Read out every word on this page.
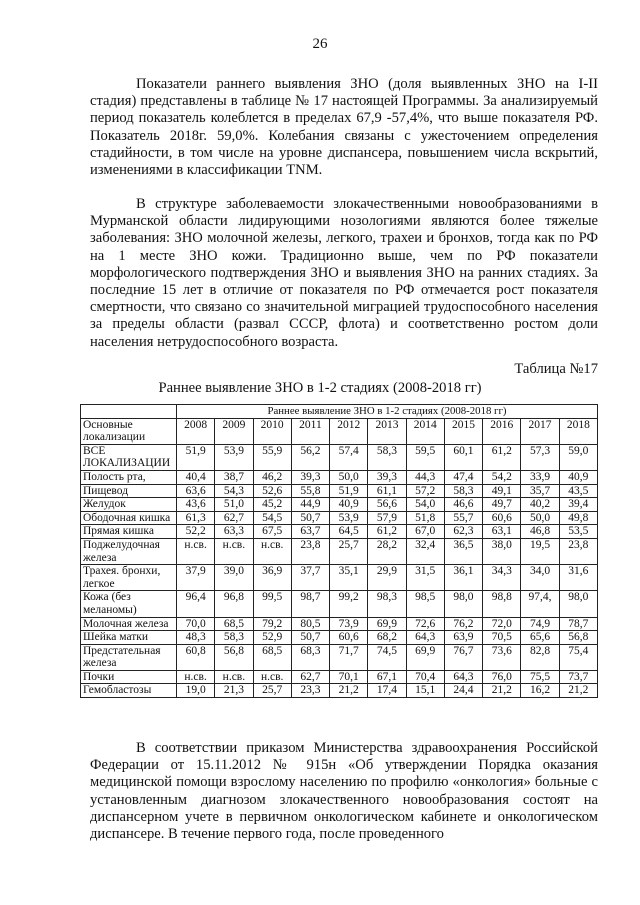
26

Показатели раннего выявления ЗНО (доля выявленных ЗНО на I-II стадия) представлены в таблице № 17 настоящей Программы. За анализируемый период показатель колеблется в пределах 67,9 -57,4%, что выше показателя РФ. Показатель 2018г. 59,0%. Колебания связаны с ужесточением определения стадийности, в том числе на уровне диспансера, повышением числа вскрытий, изменениями в классификации TNM.

В структуре заболеваемости злокачественными новообразованиями в Мурманской области лидирующими нозологиями являются более тяжелые заболевания: ЗНО молочной железы, легкого, трахеи и бронхов, тогда как по РФ на 1 месте ЗНО кожи. Традиционно выше, чем по РФ показатели морфологического подтверждения ЗНО и выявления ЗНО на ранних стадиях. За последние 15 лет в отличие от показателя по РФ отмечается рост показателя смертности, что связано со значительной миграцией трудоспособного населения за пределы области (развал СССР, флота) и соответственно ростом доли населения нетрудоспособного возраста.

Таблица №17
Раннее выявление ЗНО в 1-2 стадиях (2008-2018 гг)
	Раннее выявление ЗНО в 1-2 стадиях (2008-2018 гг)										
Основные локализации	2008	2009	2010	2011	2012	2013	2014	2015	2016	2017	2018
ВСЕ ЛОКАЛИЗАЦИИ	51,9	53,9	55,9	56,2	57,4	58,3	59,5	60,1	61,2	57,3	59,0
Полость рта,	40,4	38,7	46,2	39,3	50,0	39,3	44,3	47,4	54,2	33,9	40,9
Пищевод	63,6	54,3	52,6	55,8	51,9	61,1	57,2	58,3	49,1	35,7	43,5
Желудок	43,6	51,0	45,2	44,9	40,9	56,6	54,0	46,6	49,7	40,2	39,4
Ободочная кишка	61,3	62,7	54,5	50,7	53,9	57,9	51,8	55,7	60,6	50,0	49,8
Прямая кишка	52,2	63,3	67,5	63,7	64,5	61,2	67,0	62,3	63,1	46,8	53,5
Поджелудочная железа	н.св.	н.св.	н.св.	23,8	25,7	28,2	32,4	36,5	38,0	19,5	23,8
Трахея. бронхи, легкое	37,9	39,0	36,9	37,7	35,1	29,9	31,5	36,1	34,3	34,0	31,6
Кожа (без меланомы)	96,4	96,8	99,5	98,7	99,2	98,3	98,5	98,0	98,8	97,4,	98,0
Молочная железа	70,0	68,5	79,2	80,5	73,9	69,9	72,6	76,2	72,0	74,9	78,7
Шейка матки	48,3	58,3	52,9	50,7	60,6	68,2	64,3	63,9	70,5	65,6	56,8
Предстательная железа	60,8	56,8	68,5	68,3	71,7	74,5	69,9	76,7	73,6	82,8	75,4
Почки	н.св.	н.св.	н.св.	62,7	70,1	67,1	70,4	64,3	76,0	75,5	73,7
Гемобластозы	19,0	21,3	25,7	23,3	21,2	17,4	15,1	24,4	21,2	16,2	21,2

В соответствии приказом Министерства здравоохранения Российской Федерации от 15.11.2012 № 915н «Об утверждении Порядка оказания медицинской помощи взрослому населению по профилю «онкология» больные с установленным диагнозом злокачественного новообразования состоят на диспансерном учете в первичном онкологическом кабинете и онкологическом диспансере. В течение первого года, после проведенного
